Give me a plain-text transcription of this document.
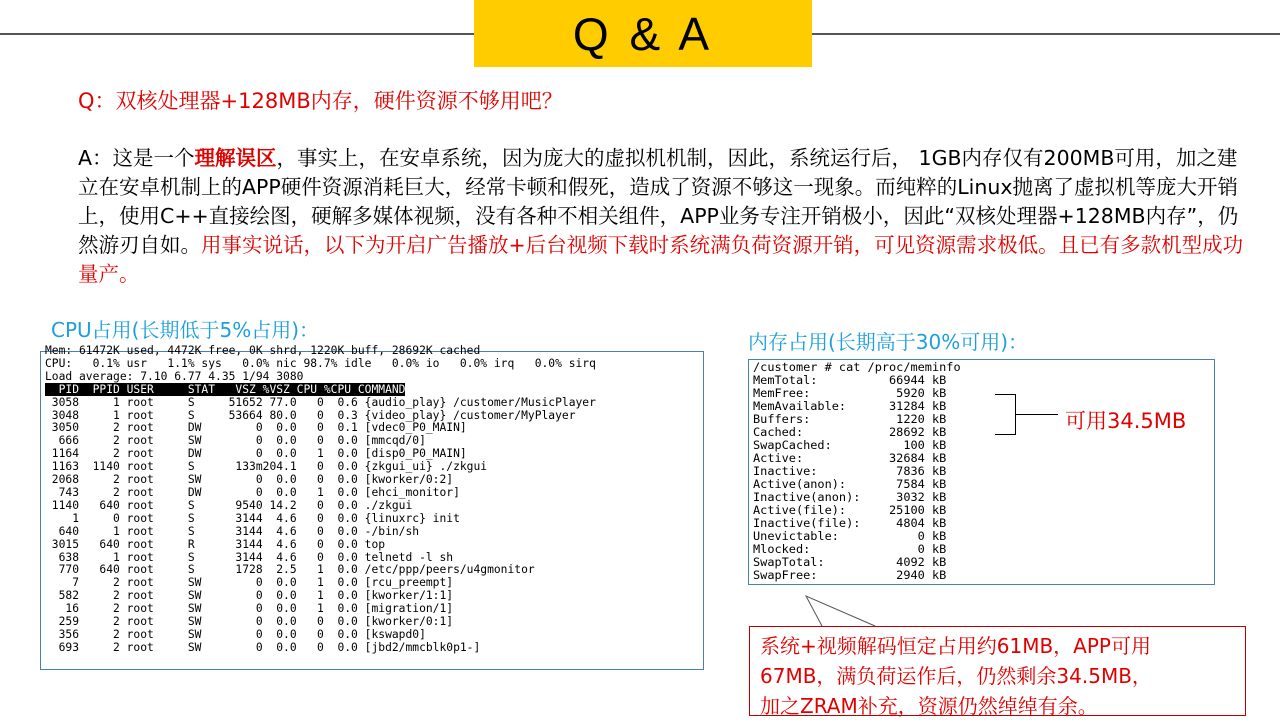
Q & A
Q：双核处理器+128MB内存，硬件资源不够用吧？
A：这是一个理解误区，事实上，在安卓系统，因为庞大的虚拟机机制，因此，系统运行后， 1GB内存仅有200MB可用，加之建立在安卓机制上的APP硬件资源消耗巨大，经常卡顿和假死，造成了资源不够这一现象。而纯粹的Linux抛离了虚拟机等庞大开销上，使用C++直接绘图，硬解多媒体视频，没有各种不相关组件，APP业务专注开销极小，因此“双核处理器+128MB内存”，仍然游刃自如。用事实说话，以下为开启广告播放+后台视频下载时系统满负荷资源开销，可见资源需求极低。且已有多款机型成功量产。
CPU占用(长期低于5%占用)：	内存占用(长期高于30%可用)：
Mem: 61472K used, 4472K free, 0K shrd, 1220K buff, 28692K cached
CPU:   0.1% usr   1.1% sys   0.0% nic 98.7% idle   0.0% io   0.0% irq   0.0% sirq
Load average: 7.10 6.77 4.35 1/94 3080
PID  PPID USER     STAT   VSZ %VSZ CPU %CPU COMMAND
3058     1 root     S     51652 77.0   0  0.6 {audio_play} /customer/MusicPlayer
3048     1 root     S     53664 80.0   0  0.3 {video_play} /customer/MyPlayer
3050     2 root     DW        0  0.0   0  0.1 [vdec0_P0_MAIN]
666     2 root     SW        0  0.0   0  0.0 [mmcqd/0]
1164     2 root     DW        0  0.0   1  0.0 [disp0_P0_MAIN]
1163  1140 root     S      133m204.1   0  0.0 {zkgui_ui} ./zkgui
2068     2 root     SW        0  0.0   0  0.0 [kworker/0:2]
743     2 root     DW        0  0.0   1  0.0 [ehci_monitor]
1140   640 root     S      9540 14.2   0  0.0 ./zkgui
1     0 root     S      3144  4.6   0  0.0 {linuxrc} init
640     1 root     S      3144  4.6   0  0.0 -/bin/sh
3015   640 root     R      3144  4.6   0  0.0 top
638     1 root     S      3144  4.6   0  0.0 telnetd -l sh
770   640 root     S      1728  2.5   1  0.0 /etc/ppp/peers/u4gmonitor
7     2 root     SW        0  0.0   1  0.0 [rcu_preempt]
582     2 root     SW        0  0.0   1  0.0 [kworker/1:1]
16     2 root     SW        0  0.0   1  0.0 [migration/1]
259     2 root     SW        0  0.0   0  0.0 [kworker/0:1]
356     2 root     SW        0  0.0   0  0.0 [kswapd0]
693     2 root     SW        0  0.0   0  0.0 [jbd2/mmcblk0p1-]
/customer # cat /proc/meminfo
MemTotal:          66944 kB
MemFree:            5920 kB
MemAvailable:      31284 kB
Buffers:            1220 kB
Cached:            28692 kB
SwapCached:          100 kB
Active:            32684 kB
Inactive:           7836 kB
Active(anon):       7584 kB
Inactive(anon):     3032 kB
Active(file):      25100 kB
Inactive(file):     4804 kB
Unevictable:           0 kB
Mlocked:               0 kB
SwapTotal:          4092 kB
SwapFree:           2940 kB
可用34.5MB
系统+视频解码恒定占用约61MB，APP可用
67MB，满负荷运作后，仍然剩余34.5MB，
加之ZRAM补充，资源仍然绰绰有余。
